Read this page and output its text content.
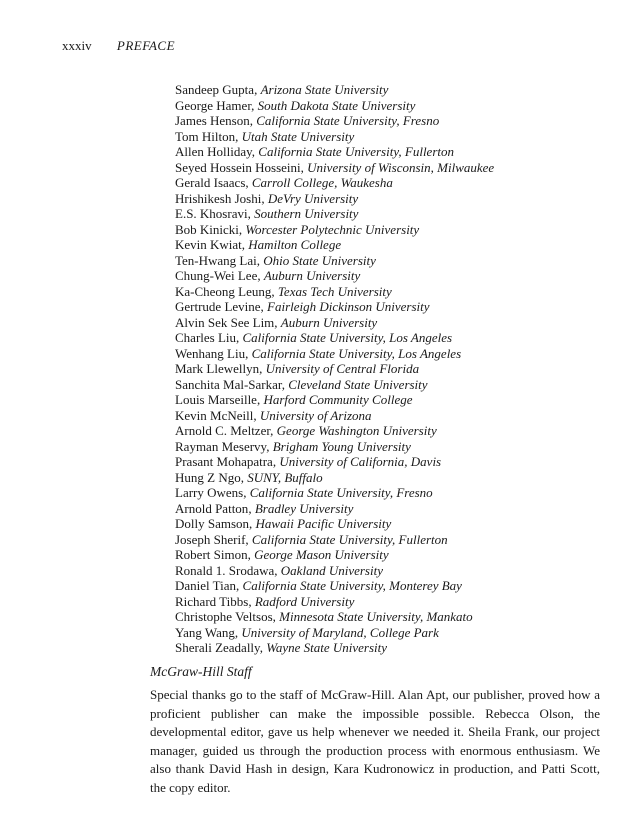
xxxiv PREFACE
Sandeep Gupta, Arizona State University
George Hamer, South Dakota State University
James Henson, California State University, Fresno
Tom Hilton, Utah State University
Allen Holliday, California State University, Fullerton
Seyed Hossein Hosseini, University of Wisconsin, Milwaukee
Gerald Isaacs, Carroll College, Waukesha
Hrishikesh Joshi, DeVry University
E.S. Khosravi, Southern University
Bob Kinicki, Worcester Polytechnic University
Kevin Kwiat, Hamilton College
Ten-Hwang Lai, Ohio State University
Chung-Wei Lee, Auburn University
Ka-Cheong Leung, Texas Tech University
Gertrude Levine, Fairleigh Dickinson University
Alvin Sek See Lim, Auburn University
Charles Liu, California State University, Los Angeles
Wenhang Liu, California State University, Los Angeles
Mark Llewellyn, University of Central Florida
Sanchita Mal-Sarkar, Cleveland State University
Louis Marseille, Harford Community College
Kevin McNeill, University of Arizona
Arnold C. Meltzer, George Washington University
Rayman Meservy, Brigham Young University
Prasant Mohapatra, University of California, Davis
Hung Z Ngo, SUNY, Buffalo
Larry Owens, California State University, Fresno
Arnold Patton, Bradley University
Dolly Samson, Hawaii Pacific University
Joseph Sherif, California State University, Fullerton
Robert Simon, George Mason University
Ronald 1. Srodawa, Oakland University
Daniel Tian, California State University, Monterey Bay
Richard Tibbs, Radford University
Christophe Veltsos, Minnesota State University, Mankato
Yang Wang, University of Maryland, College Park
Sherali Zeadally, Wayne State University
McGraw-Hill Staff

Special thanks go to the staff of McGraw-Hill. Alan Apt, our publisher, proved how a proficient publisher can make the impossible possible. Rebecca Olson, the developmental editor, gave us help whenever we needed it. Sheila Frank, our project manager, guided us through the production process with enormous enthusiasm. We also thank David Hash in design, Kara Kudronowicz in production, and Patti Scott, the copy editor.
